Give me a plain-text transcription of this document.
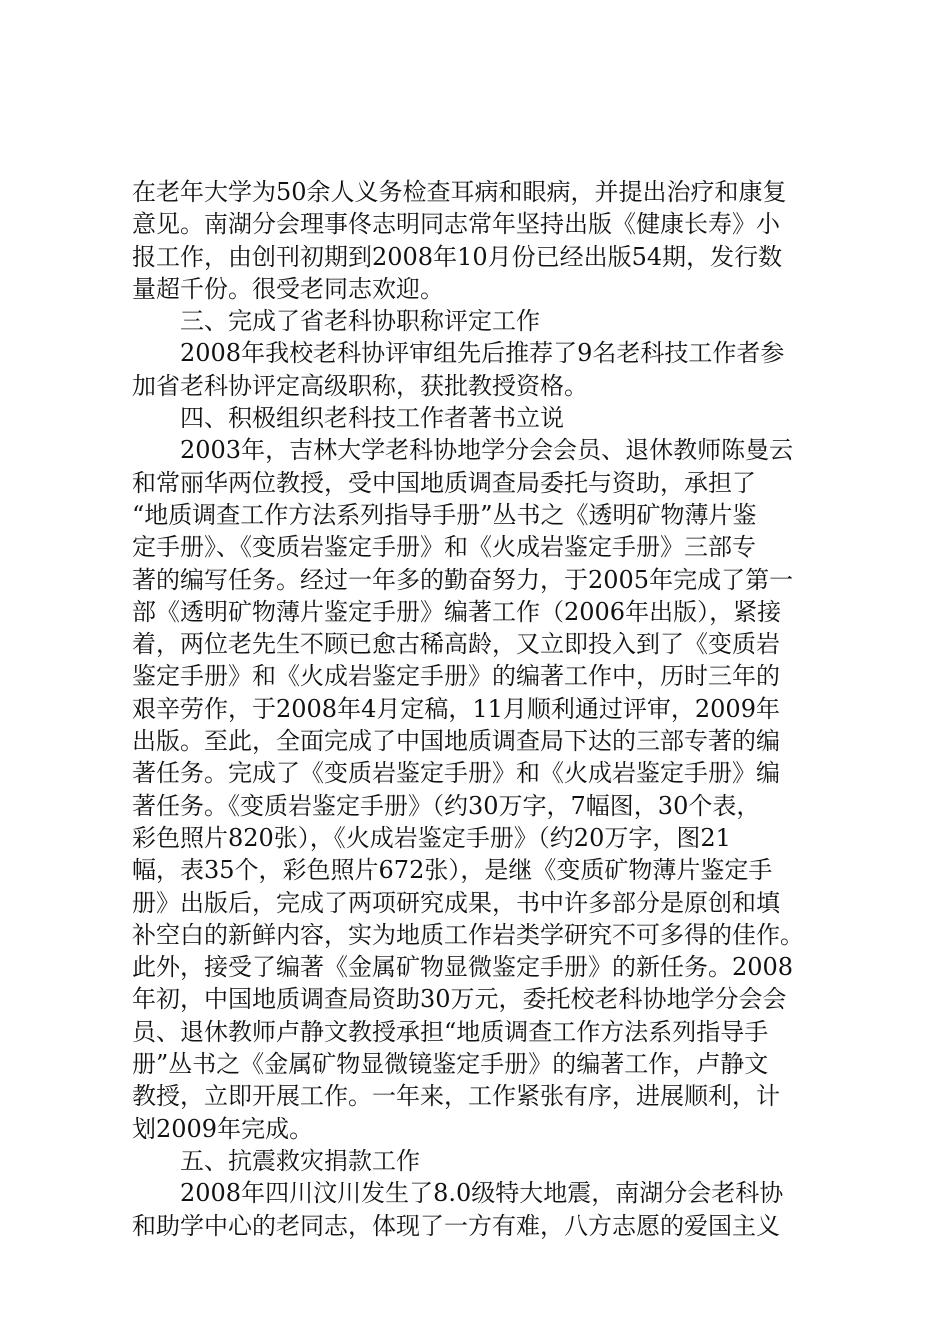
在老年大学为50余人义务检查耳病和眼病，并提出治疗和康复
意见。南湖分会理事佟志明同志常年坚持出版《健康长寿》小
报工作，由创刊初期到2008年10月份已经出版54期，发行数
量超千份。很受老同志欢迎。
三、完成了省老科协职称评定工作
2008年我校老科协评审组先后推荐了9名老科技工作者参
加省老科协评定高级职称，获批教授资格。
四、积极组织老科技工作者著书立说
2003年，吉林大学老科协地学分会会员、退休教师陈曼云
和常丽华两位教授，受中国地质调查局委托与资助，承担了
“地质调查工作方法系列指导手册”丛书之《透明矿物薄片鉴
定手册》、《变质岩鉴定手册》和《火成岩鉴定手册》三部专
著的编写任务。经过一年多的勤奋努力，于2005年完成了第一
部《透明矿物薄片鉴定手册》编著工作（2006年出版），紧接
着，两位老先生不顾已愈古稀高龄，又立即投入到了《变质岩
鉴定手册》和《火成岩鉴定手册》的编著工作中，历时三年的
艰辛劳作，于2008年4月定稿，11月顺利通过评审，2009年
出版。至此，全面完成了中国地质调查局下达的三部专著的编
著任务。完成了《变质岩鉴定手册》和《火成岩鉴定手册》编
著任务。《变质岩鉴定手册》（约30万字，7幅图，30个表，
彩色照片820张），《火成岩鉴定手册》（约20万字，图21
幅，表35个，彩色照片672张），是继《变质矿物薄片鉴定手
册》出版后，完成了两项研究成果，书中许多部分是原创和填
补空白的新鲜内容，实为地质工作岩类学研究不可多得的佳作。
此外，接受了编著《金属矿物显微鉴定手册》的新任务。2008
年初，中国地质调查局资助30万元，委托校老科协地学分会会
员、退休教师卢静文教授承担“地质调查工作方法系列指导手
册”丛书之《金属矿物显微镜鉴定手册》的编著工作，卢静文
教授，立即开展工作。一年来，工作紧张有序，进展顺利，计
划2009年完成。
五、抗震救灾捐款工作
2008年四川汶川发生了8.0级特大地震，南湖分会老科协
和助学中心的老同志，体现了一方有难，八方志愿的爱国主义
